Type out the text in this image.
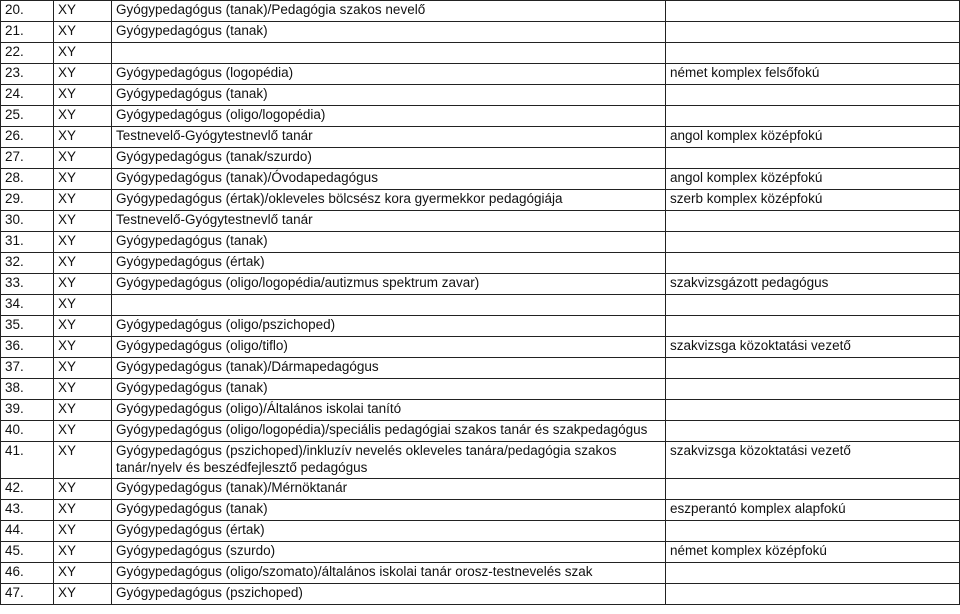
20.	XY	Gyógypedagógus (tanak)/Pedagógia szakos nevelő	
21.	XY	Gyógypedagógus (tanak)	
22.	XY		
23.	XY	Gyógypedagógus (logopédia)	német komplex felsőfokú
24.	XY	Gyógypedagógus (tanak)	
25.	XY	Gyógypedagógus (oligo/logopédia)	
26.	XY	Testnevelő-Gyógytestnevlő tanár	angol komplex középfokú
27.	XY	Gyógypedagógus (tanak/szurdo)	
28.	XY	Gyógypedagógus (tanak)/Óvodapedagógus	angol komplex középfokú
29.	XY	Gyógypedagógus (értak)/okleveles bölcsész kora gyermekkor pedagógiája	szerb komplex középfokú
30.	XY	Testnevelő-Gyógytestnevlő tanár	
31.	XY	Gyógypedagógus (tanak)	
32.	XY	Gyógypedagógus (értak)	
33.	XY	Gyógypedagógus (oligo/logopédia/autizmus spektrum zavar)	szakvizsgázott pedagógus
34.	XY		
35.	XY	Gyógypedagógus (oligo/pszichoped)	
36.	XY	Gyógypedagógus (oligo/tiflo)	szakvizsga közoktatási vezető
37.	XY	Gyógypedagógus (tanak)/Dármapedagógus	
38.	XY	Gyógypedagógus (tanak)	
39.	XY	Gyógypedagógus (oligo)/Általános iskolai tanító	
40.	XY	Gyógypedagógus (oligo/logopédia)/speciális pedagógiai szakos tanár és szakpedagógus	
41.	XY	Gyógypedagógus (pszichoped)/inkluzív nevelés okleveles tanára/pedagógia szakos tanár/nyelv és beszédfejlesztő pedagógus	szakvizsga közoktatási vezető
42.	XY	Gyógypedagógus (tanak)/Mérnöktanár	
43.	XY	Gyógypedagógus (tanak)	eszperantó komplex alapfokú
44.	XY	Gyógypedagógus (értak)	
45.	XY	Gyógypedagógus (szurdo)	német komplex középfokú
46.	XY	Gyógypedagógus (oligo/szomato)/általános iskolai tanár orosz-testnevelés szak	
47.	XY	Gyógypedagógus (pszichoped)	
